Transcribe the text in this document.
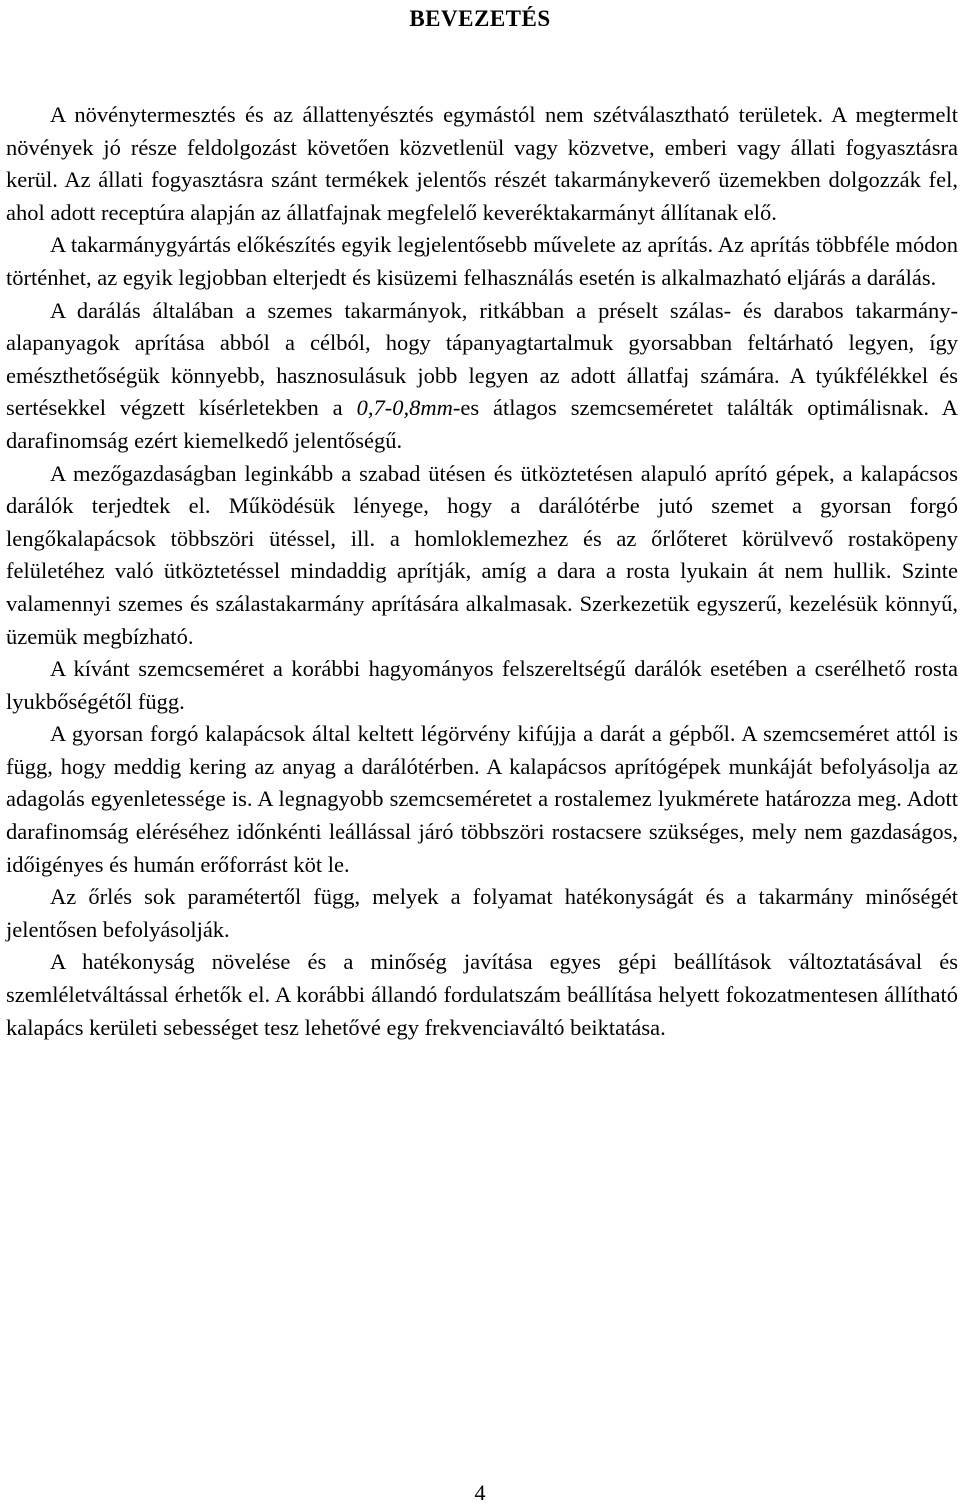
BEVEZETÉS

A növénytermesztés és az állattenyésztés egymástól nem szétválasztható területek. A megtermelt növények jó része feldolgozást követően közvetlenül vagy közvetve, emberi vagy állati fogyasztásra kerül. Az állati fogyasztásra szánt termékek jelentős részét takarmánykeverő üzemekben dolgozzák fel, ahol adott receptúra alapján az állatfajnak megfelelő keveréktakarmányt állítanak elő.

A takarmánygyártás előkészítés egyik legjelentősebb művelete az aprítás. Az aprítás többféle módon történhet, az egyik legjobban elterjedt és kisüzemi felhasználás esetén is alkalmazható eljárás a darálás.

A darálás általában a szemes takarmányok, ritkábban a préselt szálas- és darabos takarmány-alapanyagok aprítása abból a célból, hogy tápanyagtartalmuk gyorsabban feltárható legyen, így emészthetőségük könnyebb, hasznosulásuk jobb legyen az adott állatfaj számára. A tyúkfélékkel és sertésekkel végzett kísérletekben a 0,7-0,8mm-es átlagos szemcseméretet találták optimálisnak. A darafinomság ezért kiemelkedő jelentőségű.

A mezőgazdaságban leginkább a szabad ütésen és ütköztetésen alapuló aprító gépek, a kalapácsos darálók terjedtek el. Működésük lényege, hogy a darálótérbe jutó szemet a gyorsan forgó lengőkalapácsok többszöri ütéssel, ill. a homloklemezhez és az őrlőteret körülvevő rostaköpeny felületéhez való ütköztetéssel mindaddig aprítják, amíg a dara a rosta lyukain át nem hullik. Szinte valamennyi szemes és szálastakarmány aprítására alkalmasak. Szerkezetük egyszerű, kezelésük könnyű, üzemük megbízható.

A kívánt szemcseméret a korábbi hagyományos felszereltségű darálók esetében a cserélhető rosta lyukbőségétől függ.

A gyorsan forgó kalapácsok által keltett légörvény kifújja a darát a gépből. A szemcseméret attól is függ, hogy meddig kering az anyag a darálótérben. A kalapácsos aprítógépek munkáját befolyásolja az adagolás egyenletessége is. A legnagyobb szemcseméretet a rostalemez lyukmérete határozza meg. Adott darafinomság eléréséhez időnkénti leállással járó többszöri rostacsere szükséges, mely nem gazdaságos, időigényes és humán erőforrást köt le.

Az őrlés sok paramétertől függ, melyek a folyamat hatékonyságát és a takarmány minőségét jelentősen befolyásolják.

A hatékonyság növelése és a minőség javítása egyes gépi beállítások változtatásával és szemléletváltással érhetők el. A korábbi állandó fordulatszám beállítása helyett fokozatmentesen állítható kalapács kerületi sebességet tesz lehetővé egy frekvenciaváltó beiktatása.

4
